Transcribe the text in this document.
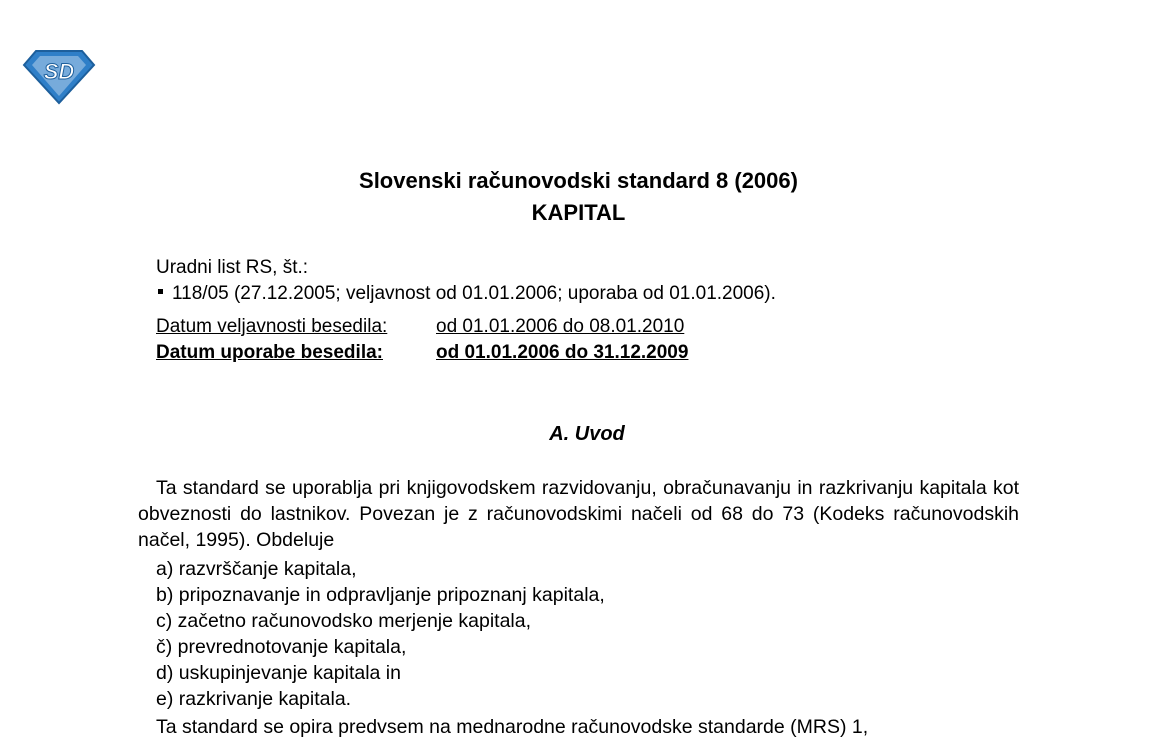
SD
Slovenski računovodski standard 8 (2006)
KAPITAL
Uradni list RS, št.:
118/05 (27.12.2005; veljavnost od 01.01.2006; uporaba od 01.01.2006).
Datum veljavnosti besedila:	od 01.01.2006 do 08.01.2010
Datum uporabe besedila:	od 01.01.2006 do 31.12.2009
A. Uvod
Ta standard se uporablja pri knjigovodskem razvidovanju, obračunavanju in razkrivanju kapitala kot obveznosti do lastnikov. Povezan je z računovodskimi načeli od 68 do 73 (Kodeks računovodskih načel, 1995). Obdeluje
a) razvrščanje kapitala,
b) pripoznavanje in odpravljanje pripoznanj kapitala,
c) začetno računovodsko merjenje kapitala,
č) prevrednotovanje kapitala,
d) uskupinjevanje kapitala in
e) razkrivanje kapitala.
Ta standard se opira predvsem na mednarodne računovodske standarde (MRS) 1,
